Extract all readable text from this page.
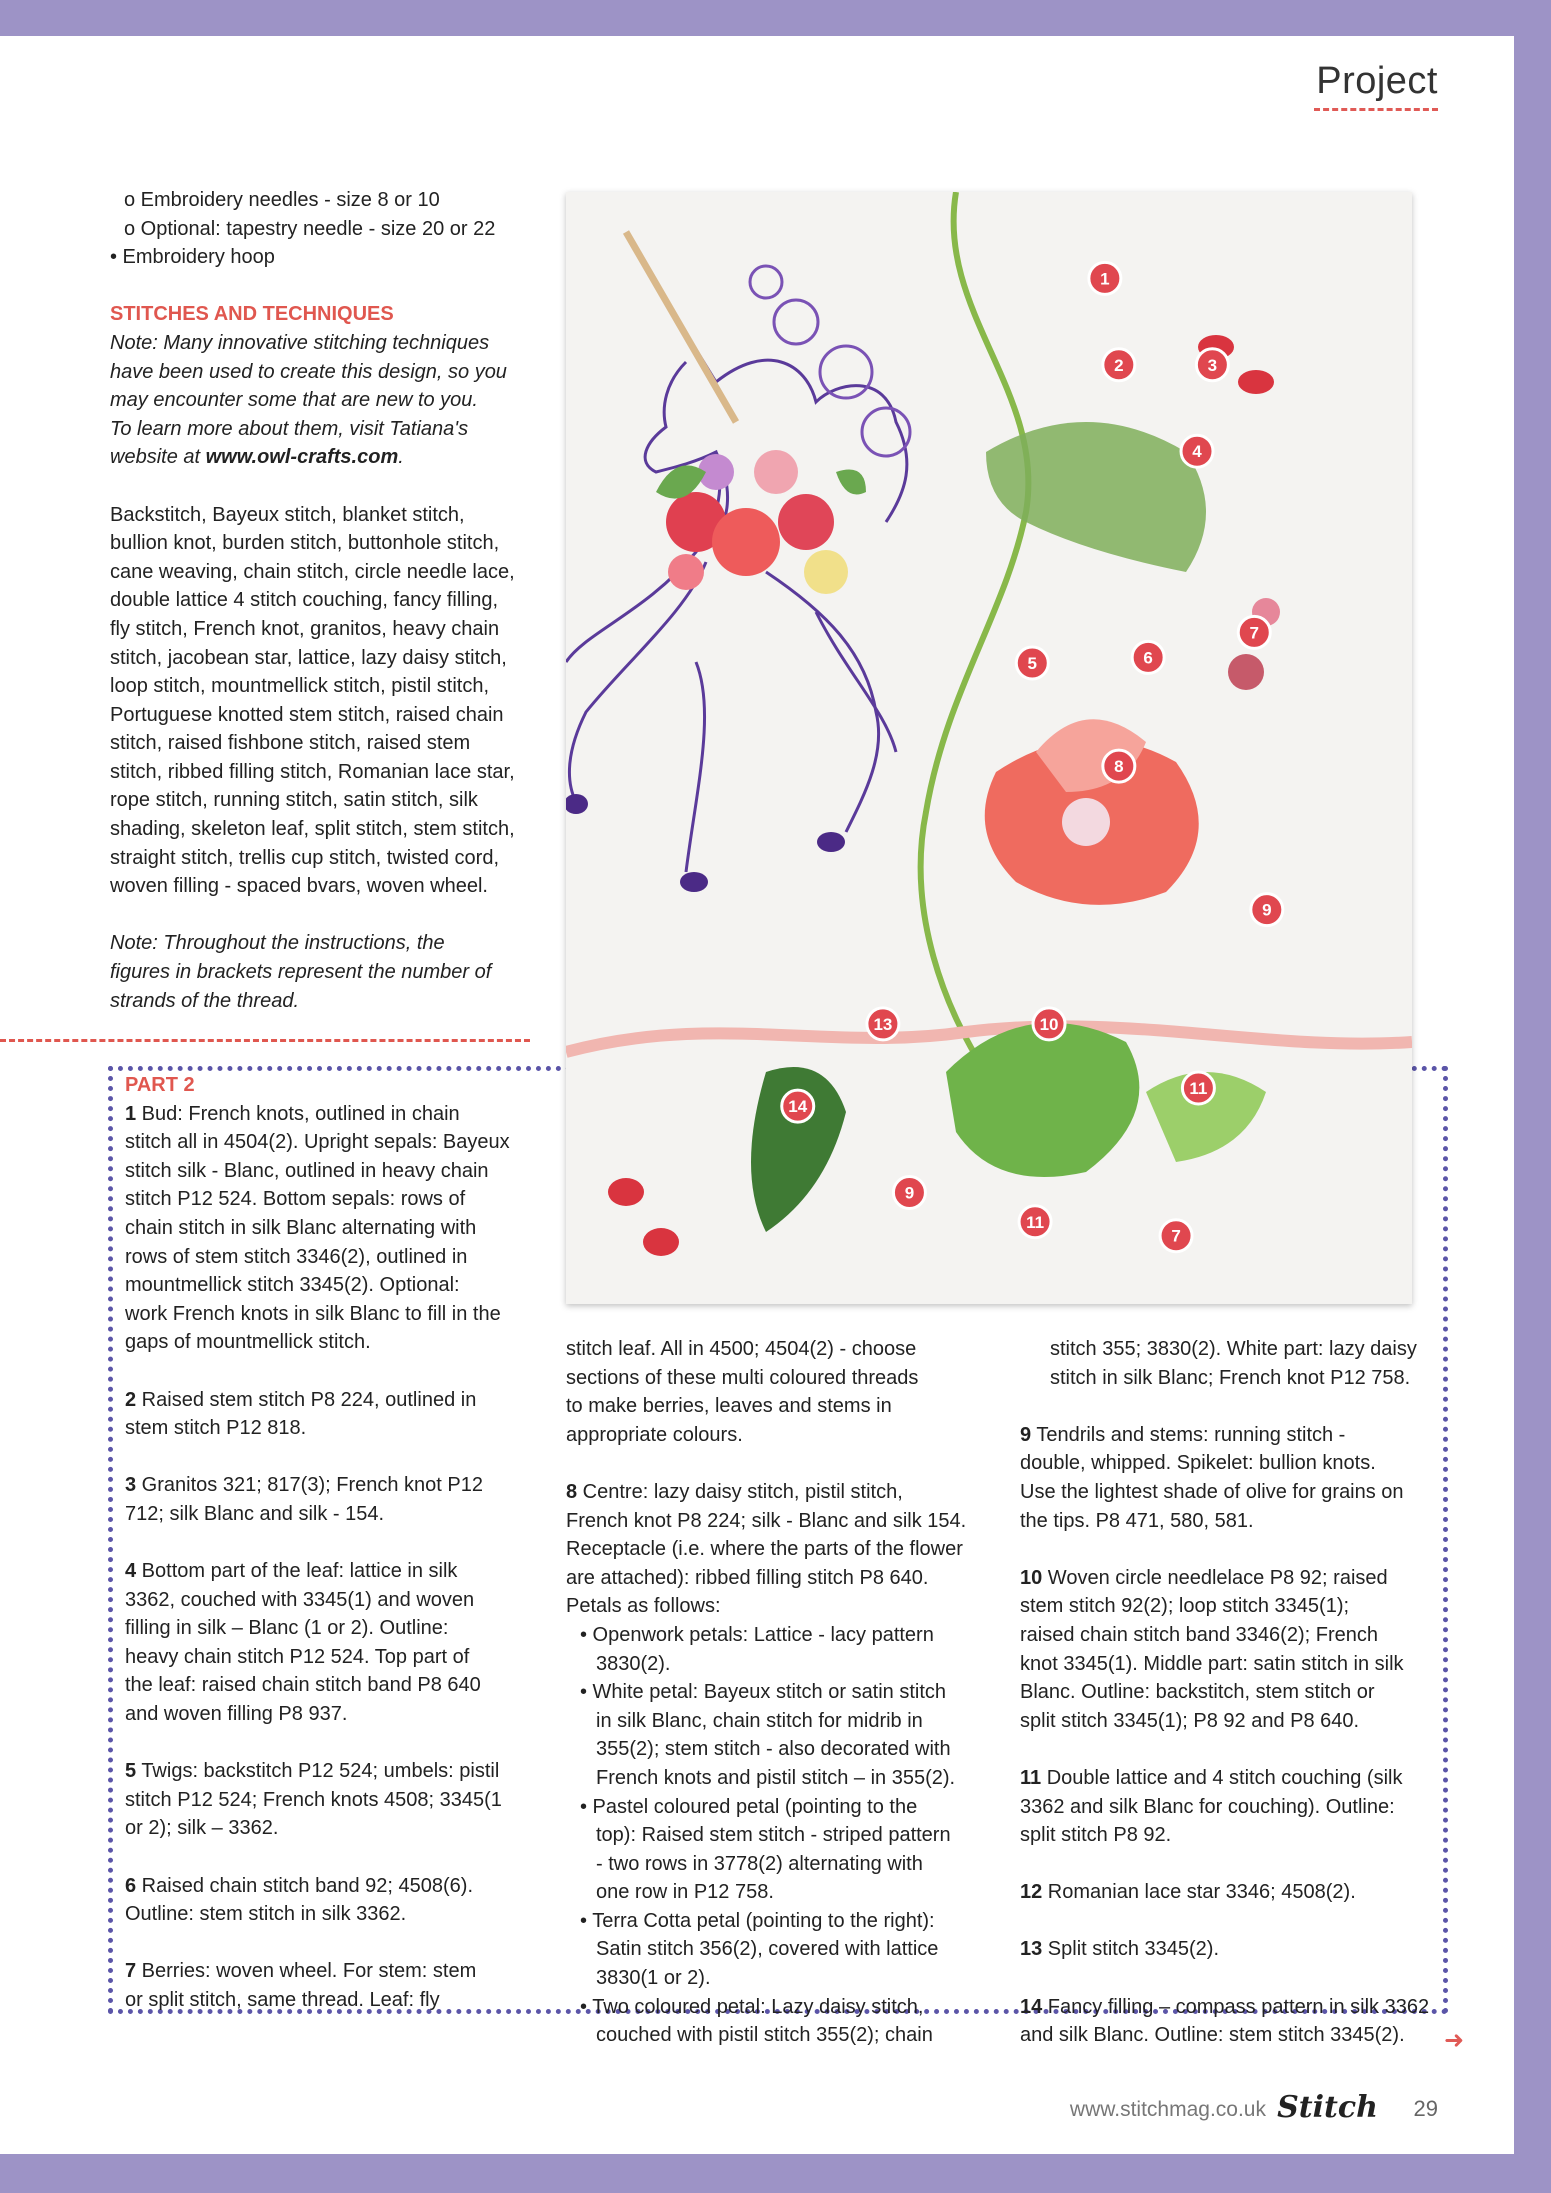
Project

o Embroidery needles - size 8 or 10

o Optional: tapestry needle - size 20 or 22

• Embroidery hoop

STITCHES AND TECHNIQUES

Note: Many innovative stitching techniques

have been used to create this design, so you

may encounter some that are new to you.

To learn more about them, visit Tatiana's

website at www.owl-crafts.com.

Backstitch, Bayeux stitch, blanket stitch,

bullion knot, burden stitch, buttonhole stitch,

cane weaving, chain stitch, circle needle lace,

double lattice 4 stitch couching, fancy filling,

fly stitch, French knot, granitos, heavy chain

stitch, jacobean star, lattice, lazy daisy stitch,

loop stitch, mountmellick stitch, pistil stitch,

Portuguese knotted stem stitch, raised chain

stitch, raised fishbone stitch, raised stem

stitch, ribbed filling stitch, Romanian lace star,

rope stitch, running stitch, satin stitch, silk

shading, skeleton leaf, split stitch, stem stitch,

straight stitch, trellis cup stitch, twisted cord,

woven filling - spaced bvars, woven wheel.

Note: Throughout the instructions, the

figures in brackets represent the number of

strands of the thread.

1
2	3
4
5	6
7
8
9
10
11
13
14
9
11
7

PART 2

1 Bud: French knots, outlined in chain

stitch all in 4504(2). Upright sepals: Bayeux

stitch silk - Blanc, outlined in heavy chain

stitch P12 524. Bottom sepals: rows of

chain stitch in silk Blanc alternating with

rows of stem stitch 3346(2), outlined in

mountmellick stitch 3345(2). Optional:

work French knots in silk Blanc to fill in the

gaps of mountmellick stitch.

2 Raised stem stitch P8 224, outlined in

stem stitch P12 818.

3 Granitos 321; 817(3); French knot P12

712; silk Blanc and silk - 154.

4 Bottom part of the leaf: lattice in silk

3362, couched with 3345(1) and woven

filling in silk – Blanc (1 or 2). Outline:

heavy chain stitch P12 524. Top part of

the leaf: raised chain stitch band P8 640

and woven filling P8 937.

5 Twigs: backstitch P12 524; umbels: pistil

stitch P12 524; French knots 4508; 3345(1

or 2); silk – 3362.

6 Raised chain stitch band 92; 4508(6).

Outline: stem stitch in silk 3362.

7 Berries: woven wheel. For stem: stem

or split stitch, same thread. Leaf: fly

stitch leaf. All in 4500; 4504(2) - choose

sections of these multi coloured threads

to make berries, leaves and stems in

appropriate colours.

8 Centre: lazy daisy stitch, pistil stitch,

French knot P8 224; silk - Blanc and silk 154.

Receptacle (i.e. where the parts of the flower

are attached): ribbed filling stitch P8 640.

Petals as follows:

• Openwork petals: Lattice - lacy pattern

3830(2).

• White petal: Bayeux stitch or satin stitch

in silk Blanc, chain stitch for midrib in

355(2); stem stitch - also decorated with

French knots and pistil stitch – in 355(2).

• Pastel coloured petal (pointing to the

top): Raised stem stitch - striped pattern

- two rows in 3778(2) alternating with

one row in P12 758.

• Terra Cotta petal (pointing to the right):

Satin stitch 356(2), covered with lattice

3830(1 or 2).

• Two coloured petal: Lazy daisy stitch,

couched with pistil stitch 355(2); chain

stitch 355; 3830(2). White part: lazy daisy

stitch in silk Blanc; French knot P12 758.

9 Tendrils and stems: running stitch -

double, whipped. Spikelet: bullion knots.

Use the lightest shade of olive for grains on

the tips. P8 471, 580, 581.

10 Woven circle needlelace P8 92; raised

stem stitch 92(2); loop stitch 3345(1);

raised chain stitch band 3346(2); French

knot 3345(1). Middle part: satin stitch in silk

Blanc. Outline: backstitch, stem stitch or

split stitch 3345(1); P8 92 and P8 640.

11 Double lattice and 4 stitch couching (silk

3362 and silk Blanc for couching). Outline:

split stitch P8 92.

12 Romanian lace star 3346; 4508(2).

13 Split stitch 3345(2).

14 Fancy filling – compass pattern in silk 3362

and silk Blanc. Outline: stem stitch 3345(2).	➜
www.stitchmag.co.uk Stitch 29
